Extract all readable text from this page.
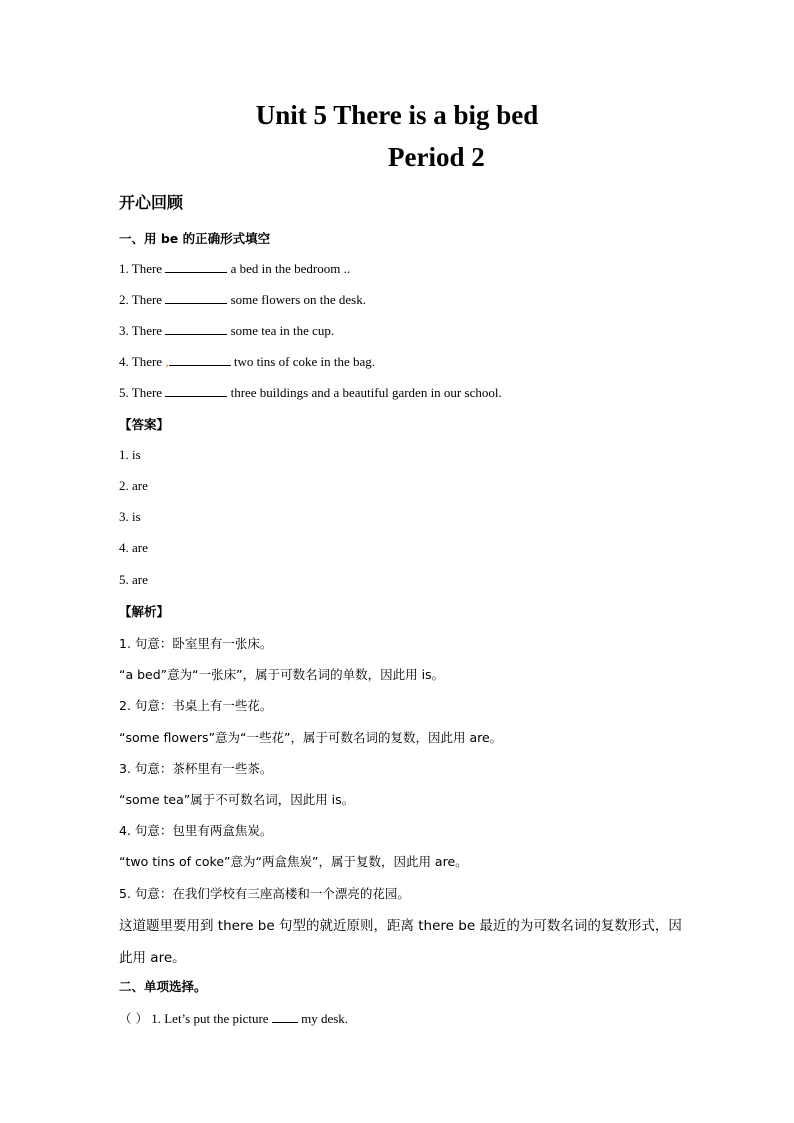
Unit 5 There is a big bed
Period 2
开心回顾
一、用 be 的正确形式填空
1. There	a bed in the bedroom ..
2. There	some flowers on the desk.
3. There	some tea in the cup.
4. There ,	two tins of coke in the bag.
5. There	three buildings and a beautiful garden in our school.
【答案】
1. is
2. are
3. is
4. are
5. are
【解析】
1. 句意：卧室里有一张床。
“a bed”意为“一张床”，属于可数名词的单数，因此用 is。
2. 句意：书桌上有一些花。
“some flowers”意为“一些花”，属于可数名词的复数，因此用 are。
3. 句意：茶杯里有一些茶。
“some tea”属于不可数名词，因此用 is。
4. 句意：包里有两盒焦炭。
“two tins of coke”意为“两盒焦炭”，属于复数，因此用 are。
5. 句意：在我们学校有三座高楼和一个漂亮的花园。
这道题里要用到 there be 句型的就近原则，距离 there be 最近的为可数名词的复数形式，因
此用 are。
二、单项选择。
（ ） 1. Let’s put the picture	my desk.
